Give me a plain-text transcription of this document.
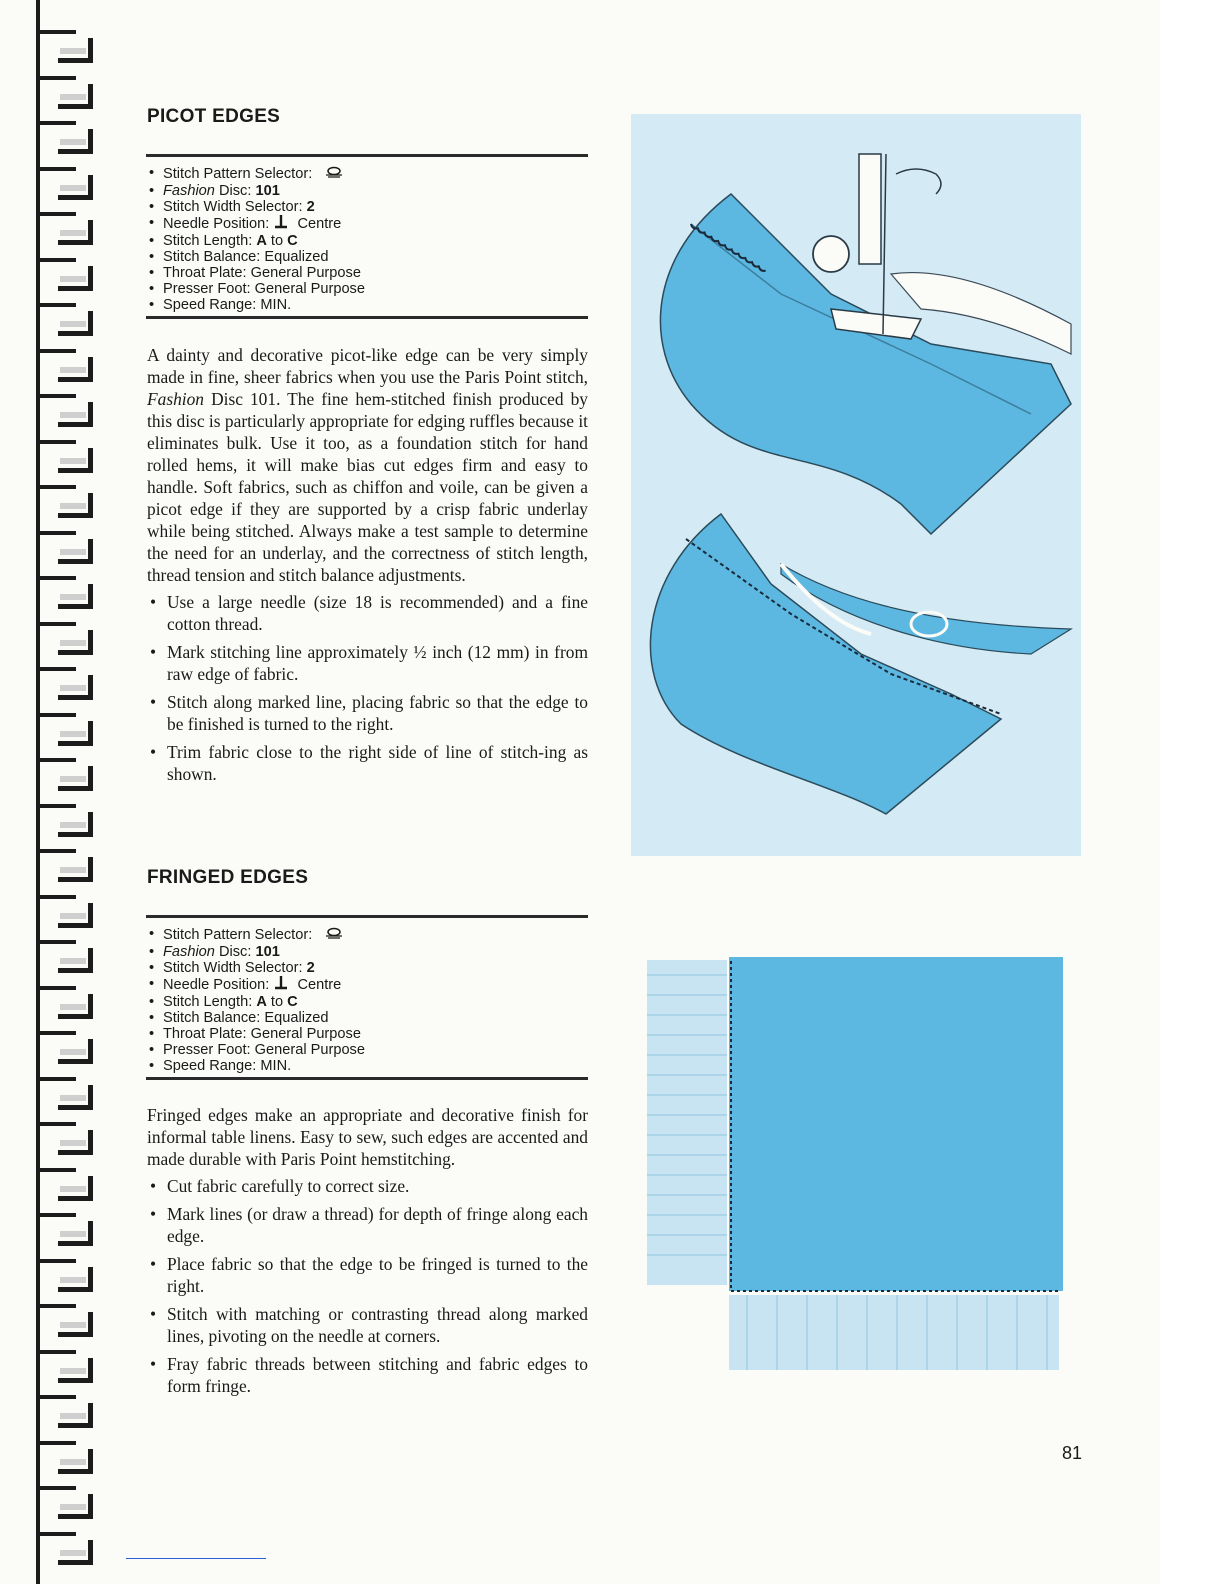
PICOT EDGES
• Stitch Pattern Selector:
• Fashion Disc: 101
• Stitch Width Selector: 2
• Needle Position: Centre
• Stitch Length: A to C
• Stitch Balance: Equalized
• Throat Plate: General Purpose
• Presser Foot: General Purpose
• Speed Range: MIN.

A dainty and decorative picot-like edge can be very simply made in fine, sheer fabrics when you use the Paris Point stitch, Fashion Disc 101. The fine hem-stitched finish produced by this disc is particularly appropriate for edging ruffles because it eliminates bulk. Use it too, as a foundation stitch for hand rolled hems, it will make bias cut edges firm and easy to handle. Soft fabrics, such as chiffon and voile, can be given a picot edge if they are supported by a crisp fabric underlay while being stitched. Always make a test sample to determine the need for an underlay, and the correctness of stitch length, thread tension and stitch balance adjustments.

• Use a large needle (size 18 is recommended) and a fine cotton thread.
• Mark stitching line approximately ½ inch (12 mm) in from raw edge of fabric.
• Stitch along marked line, placing fabric so that the edge to be finished is turned to the right.
• Trim fabric close to the right side of line of stitch-ing as shown.
FRINGED EDGES
• Stitch Pattern Selector:
• Fashion Disc: 101
• Stitch Width Selector: 2
• Needle Position: Centre
• Stitch Length: A to C
• Stitch Balance: Equalized
• Throat Plate: General Purpose
• Presser Foot: General Purpose
• Speed Range: MIN.

Fringed edges make an appropriate and decorative finish for informal table linens. Easy to sew, such edges are accented and made durable with Paris Point hemstitching.

• Cut fabric carefully to correct size.
• Mark lines (or draw a thread) for depth of fringe along each edge.
• Place fabric so that the edge to be fringed is turned to the right.
• Stitch with matching or contrasting thread along marked lines, pivoting on the needle at corners.
• Fray fabric threads between stitching and fabric edges to form fringe.
81
